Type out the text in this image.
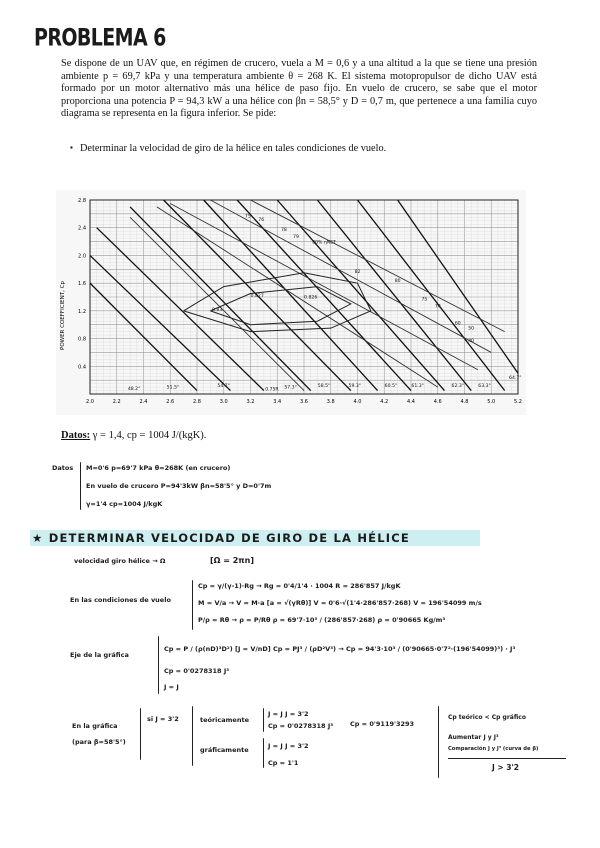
PROBLEMA 6
Se dispone de un UAV que, en régimen de crucero, vuela a M = 0,6 y a una altitud a la que se tiene una presión ambiente p = 69,7 kPa y una temperatura ambiente θ = 268 K. El sistema motopropulsor de dicho UAV está formado por un motor alternativo más una hélice de paso fijo. En vuelo de crucero, se sabe que el motor proporciona una potencia P = 94,3 kW a una hélice con βn = 58,5° y D = 0,7 m, que pertenece a una familia cuyo diagrama se representa en la figura inferior. Se pide:
▪ Determinar la velocidad de giro de la hélice en tales condiciones de vuelo.
64.7°
63.3°
62.3°
61.3°
60.5°
59.3°
58.5°
57.3°
0.75R
54.7°
51.5°
48.2°
75
76
78
79
80% ηNET
82
80
75
70
60
50
40
0.827	0.826
0.83
2.0	2.2	2.4	2.6	2.8	3.0	3.2	3.4	3.6	3.8	4.0	4.2	4.4	4.6	4.8	5.0	5.2
0.4
0.8
1.2
1.6
2.0
2.4
2.8
POWER COEFFICIENT, Cp
Datos: γ = 1,4, cp = 1004 J/(kgK).
Datos M=0'6 p=69'7 kPa θ=268K (en crucero)
En vuelo de crucero P=94'3kW βn=58'5° y D=0'7m
γ=1'4 cp=1004 J/kgK
★ DETERMINAR VELOCIDAD DE GIRO DE LA HÉLICE
velocidad giro hélice → Ω	[Ω = 2πn]
En las condiciones de vuelo
Cp = γ/(γ-1)·Rg → Rg = 0'4/1'4 · 1004 R = 286'857 J/kgK
M = V/a → V = M·a [a = √(γRθ)] V = 0'6·√(1'4·286'857·268) V = 196'54099 m/s
P/ρ = Rθ → ρ = P/Rθ ρ = 69'7·10³ / (286'857·268) ρ = 0'90665 Kg/m³
Eje de la gráfica
Cp = P / (ρ(nD)³D²) [J = V/nD] Cp = PJ³ / (ρD²V³) → Cp = 94'3·10³ / (0'90665·0'7²·(196'54099)³) · J³
Cp = 0'0278318 J³
J = J
En la gráfica
(para β=58'5°)
si J = 3'2	teóricamente
J = J J = 3'2
Cp = 0'0278318 J³	Cp = 0'9119'3293
gráficamente	J = J J = 3'2
Cp = 1'1
Cp teórico < Cp gráfico
Aumentar J y J³
Comparación J y J³ (curva de β)
J > 3'2
